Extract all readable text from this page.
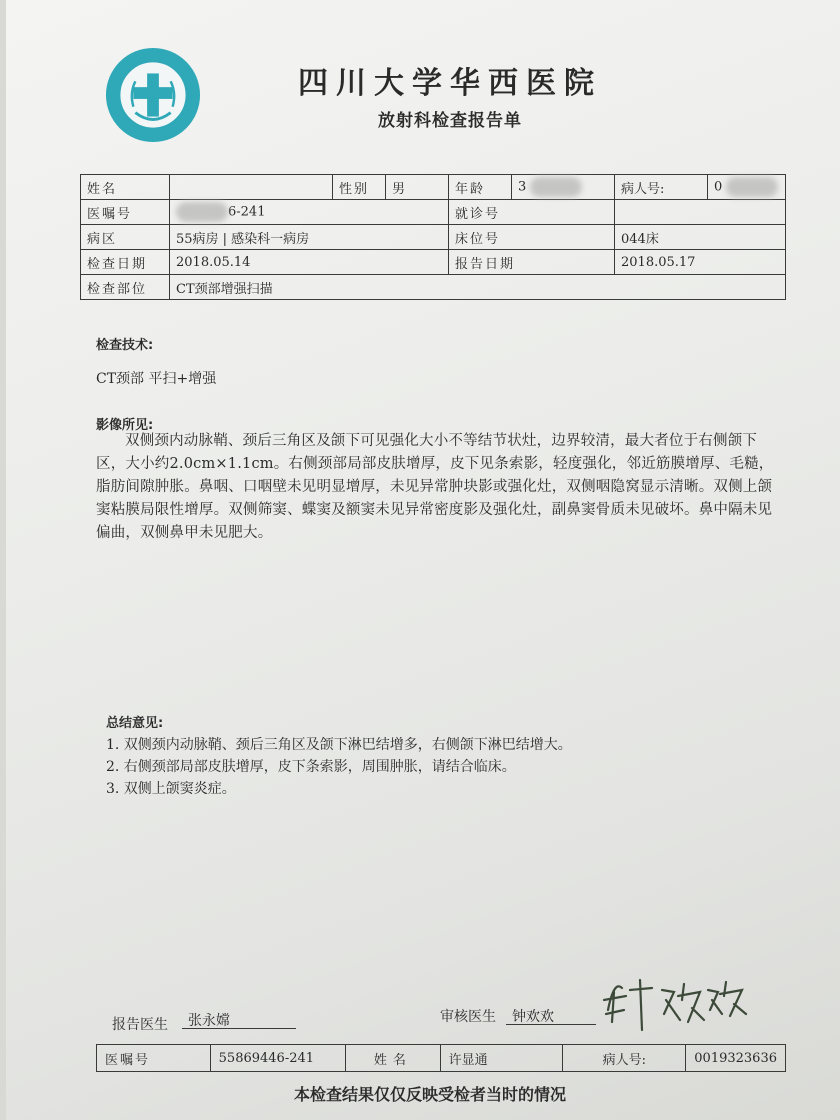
四川大学华西医院
放射科检查报告单
姓名		性别	男	年龄	3	病人号:	0
医嘱号	6-241			就诊号			
病区	55病房 | 感染科一病房			床位号		044床	
检查日期	2018.05.14			报告日期		2018.05.17	
检查部位	CT颈部增强扫描						
检查技术:
CT颈部 平扫+增强
影像所见:
双侧颈内动脉鞘、颈后三角区及颌下可见强化大小不等结节状灶，边界较清，最大者位于右侧颌下区，大小约2.0cm×1.1cm。右侧颈部局部皮肤增厚，皮下见条索影，轻度强化，邻近筋膜增厚、毛糙，脂肪间隙肿胀。鼻咽、口咽壁未见明显增厚，未见异常肿块影或强化灶，双侧咽隐窝显示清晰。双侧上颌窦粘膜局限性增厚。双侧筛窦、蝶窦及额窦未见异常密度影及强化灶，副鼻窦骨质未见破坏。鼻中隔未见偏曲，双侧鼻甲未见肥大。
总结意见:
1. 双侧颈内动脉鞘、颈后三角区及颌下淋巴结增多，右侧颌下淋巴结增大。
2. 右侧颈部局部皮肤增厚，皮下条索影，周围肿胀，请结合临床。
3. 双侧上颌窦炎症。
报告医生 张永嫦	审核医生 钟欢欢
医嘱号	55869446-241	姓名	许显通	病人号:	0019323636
本检查结果仅仅反映受检者当时的情况
